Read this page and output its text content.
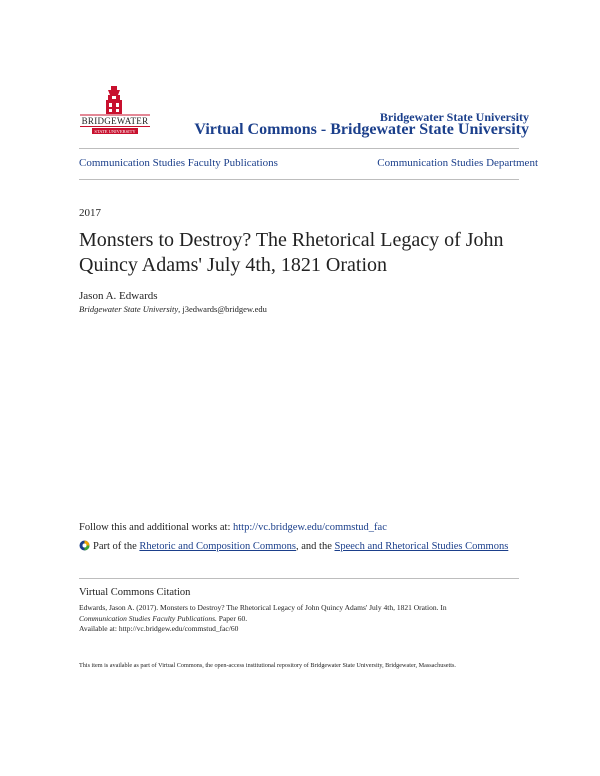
BRIDGEWATER
STATE UNIVERSITY
Bridgewater State University
Virtual Commons - Bridgewater State University
Communication Studies Faculty Publications	Communication Studies Department
2017
Monsters to Destroy? The Rhetorical Legacy of John Quincy Adams' July 4th, 1821 Oration
Jason A. Edwards
Bridgewater State University, j3edwards@bridgew.edu
Follow this and additional works at: http://vc.bridgew.edu/commstud_fac
Part of the Rhetoric and Composition Commons, and the Speech and Rhetorical Studies Commons
Virtual Commons Citation
Edwards, Jason A. (2017). Monsters to Destroy? The Rhetorical Legacy of John Quincy Adams' July 4th, 1821 Oration. In
Communication Studies Faculty Publications. Paper 60.
Available at: http://vc.bridgew.edu/commstud_fac/60
This item is available as part of Virtual Commons, the open-access institutional repository of Bridgewater State University, Bridgewater, Massachusetts.
